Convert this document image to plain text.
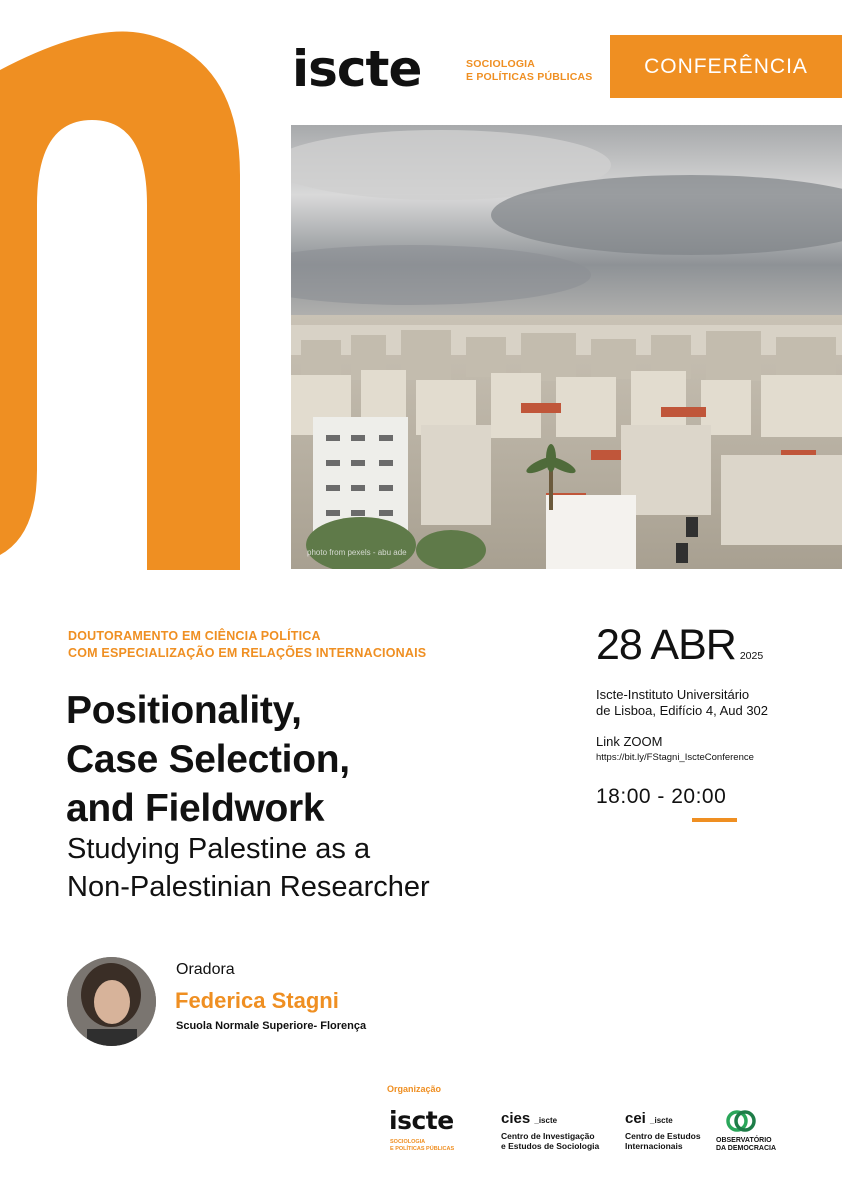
iscte	SOCIOLOGIA
E POLÍTICAS PÚBLICAS	CONFERÊNCIA
photo from pexels - abu ade
DOUTORAMENTO EM CIÊNCIA POLÍTICA
COM ESPECIALIZAÇÃO EM RELAÇÕES INTERNACIONAIS
Positionality,
Case Selection,
and Fieldwork
Studying Palestine as a
Non-Palestinian Researcher
28 ABR 2025
Iscte-Instituto Universitário
de Lisboa, Edifício 4, Aud 302
Link ZOOM
https://bit.ly/FStagni_IscteConference
18:00 - 20:00
Oradora
Federica Stagni
Scuola Normale Superiore- Florença
Organização
iscte
SOCIOLOGIA
E POLÍTICAS PÚBLICAS
cies _iscte
Centro de Investigação
e Estudos de Sociologia
cei _iscte
Centro de Estudos
Internacionais
OBSERVATÓRIO
DA DEMOCRACIA
